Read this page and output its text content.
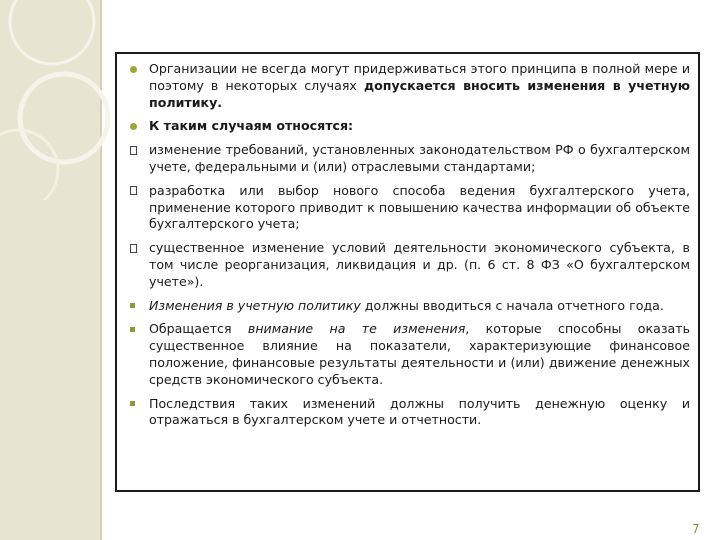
Организации не всегда могут придерживаться этого принципа в полной мере и поэтому в некоторых случаях допускается вносить изменения в учетную политику.
К таким случаям относятся:
изменение требований, установленных законодательством РФ о бухгалтерском учете, федеральными и (или) отраслевыми стандартами;
разработка или выбор нового способа ведения бухгалтерского учета, применение которого приводит к повышению качества информации об объекте бухгалтерского учета;
существенное изменение условий деятельности экономического субъекта, в том числе реорганизация, ликвидация и др. (п. 6 ст. 8 ФЗ «О бухгалтерском учете»).
Изменения в учетную политику должны вводиться с начала отчетного года.
Обращается внимание на те изменения, которые способны оказать существенное влияние на показатели, характеризующие финансовое положение, финансовые результаты деятельности и (или) движение денежных средств экономического субъекта.
Последствия таких изменений должны получить денежную оценку и отражаться в бухгалтерском учете и отчетности.
7
